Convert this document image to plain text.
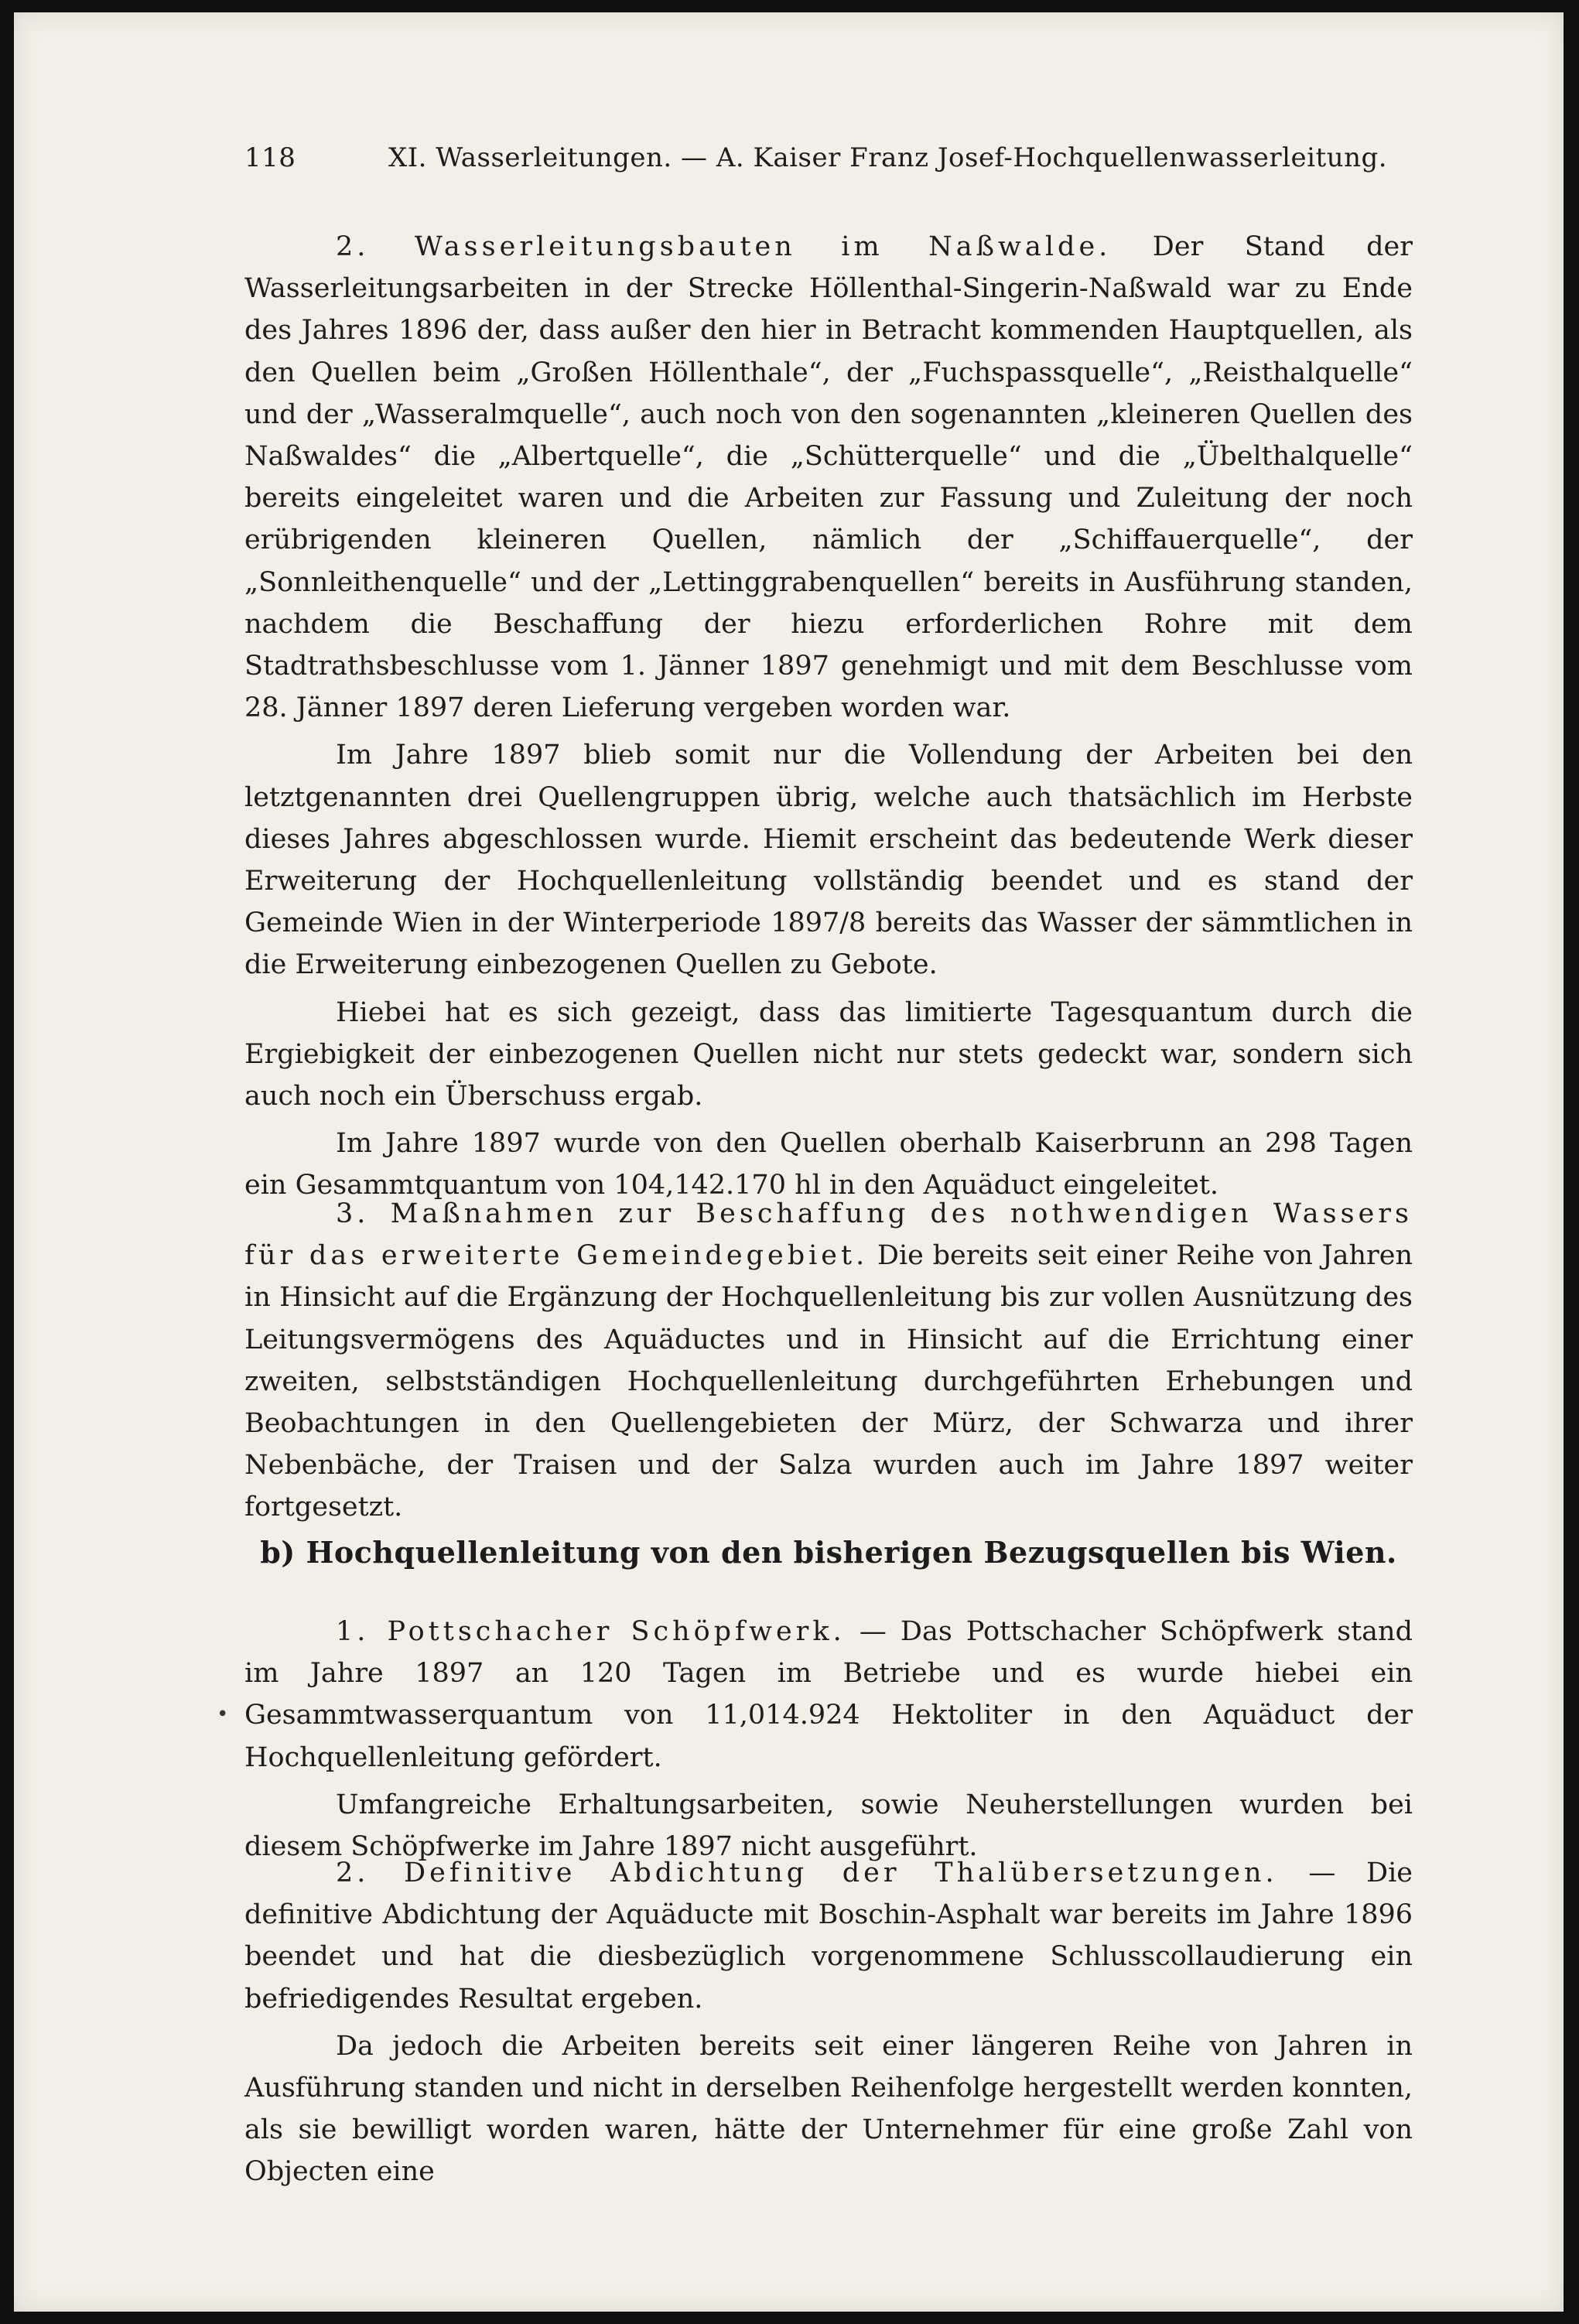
118	XI. Wasserleitungen. — A. Kaiser Franz Josef-Hochquellenwasserleitung.

2. Wasserleitungsbauten im Naßwalde. Der Stand der Wasserleitungsarbeiten in der Strecke Höllenthal-Singerin-Naßwald war zu Ende des Jahres 1896 der, dass außer den hier in Betracht kommenden Hauptquellen, als den Quellen beim „Großen Höllenthale“, der „Fuchspassquelle“, „Reisthalquelle“ und der „Wasseralmquelle“, auch noch von den sogenannten „kleineren Quellen des Naßwaldes“ die „Albertquelle“, die „Schütterquelle“ und die „Übelthalquelle“ bereits eingeleitet waren und die Arbeiten zur Fassung und Zuleitung der noch erübrigenden kleineren Quellen, nämlich der „Schiffauerquelle“, der „Sonnleithenquelle“ und der „Lettinggrabenquellen“ bereits in Ausführung standen, nachdem die Beschaffung der hiezu erforderlichen Rohre mit dem Stadtrathsbeschlusse vom 1. Jänner 1897 genehmigt und mit dem Beschlusse vom 28. Jänner 1897 deren Lieferung vergeben worden war.

Im Jahre 1897 blieb somit nur die Vollendung der Arbeiten bei den letztgenannten drei Quellengruppen übrig, welche auch thatsächlich im Herbste dieses Jahres abgeschlossen wurde. Hiemit erscheint das bedeutende Werk dieser Erweiterung der Hochquellenleitung vollständig beendet und es stand der Gemeinde Wien in der Winterperiode 1897/8 bereits das Wasser der sämmtlichen in die Erweiterung einbezogenen Quellen zu Gebote.

Hiebei hat es sich gezeigt, dass das limitierte Tagesquantum durch die Ergiebigkeit der einbezogenen Quellen nicht nur stets gedeckt war, sondern sich auch noch ein Überschuss ergab.

Im Jahre 1897 wurde von den Quellen oberhalb Kaiserbrunn an 298 Tagen ein Gesammtquantum von 104,142.170 hl in den Aquäduct eingeleitet.

3. Maßnahmen zur Beschaffung des nothwendigen Wassers für das erweiterte Gemeindegebiet. Die bereits seit einer Reihe von Jahren in Hinsicht auf die Ergänzung der Hochquellenleitung bis zur vollen Ausnützung des Leitungsvermögens des Aquäductes und in Hinsicht auf die Errichtung einer zweiten, selbstständigen Hochquellenleitung durchgeführten Erhebungen und Beobachtungen in den Quellengebieten der Mürz, der Schwarza und ihrer Nebenbäche, der Traisen und der Salza wurden auch im Jahre 1897 weiter fortgesetzt.

b) Hochquellenleitung von den bisherigen Bezugsquellen bis Wien.
•

1. Pottschacher Schöpfwerk. — Das Pottschacher Schöpfwerk stand im Jahre 1897 an 120 Tagen im Betriebe und es wurde hiebei ein Gesammtwasserquantum von 11,014.924 Hektoliter in den Aquäduct der Hochquellenleitung gefördert.

Umfangreiche Erhaltungsarbeiten, sowie Neuherstellungen wurden bei diesem Schöpfwerke im Jahre 1897 nicht ausgeführt.

2. Definitive Abdichtung der Thalübersetzungen. — Die definitive Abdichtung der Aquäducte mit Boschin-Asphalt war bereits im Jahre 1896 beendet und hat die diesbezüglich vorgenommene Schlusscollaudierung ein befriedigendes Resultat ergeben.

Da jedoch die Arbeiten bereits seit einer längeren Reihe von Jahren in Ausführung standen und nicht in derselben Reihenfolge hergestellt werden konnten, als sie bewilligt worden waren, hätte der Unternehmer für eine große Zahl von Objecten eine
